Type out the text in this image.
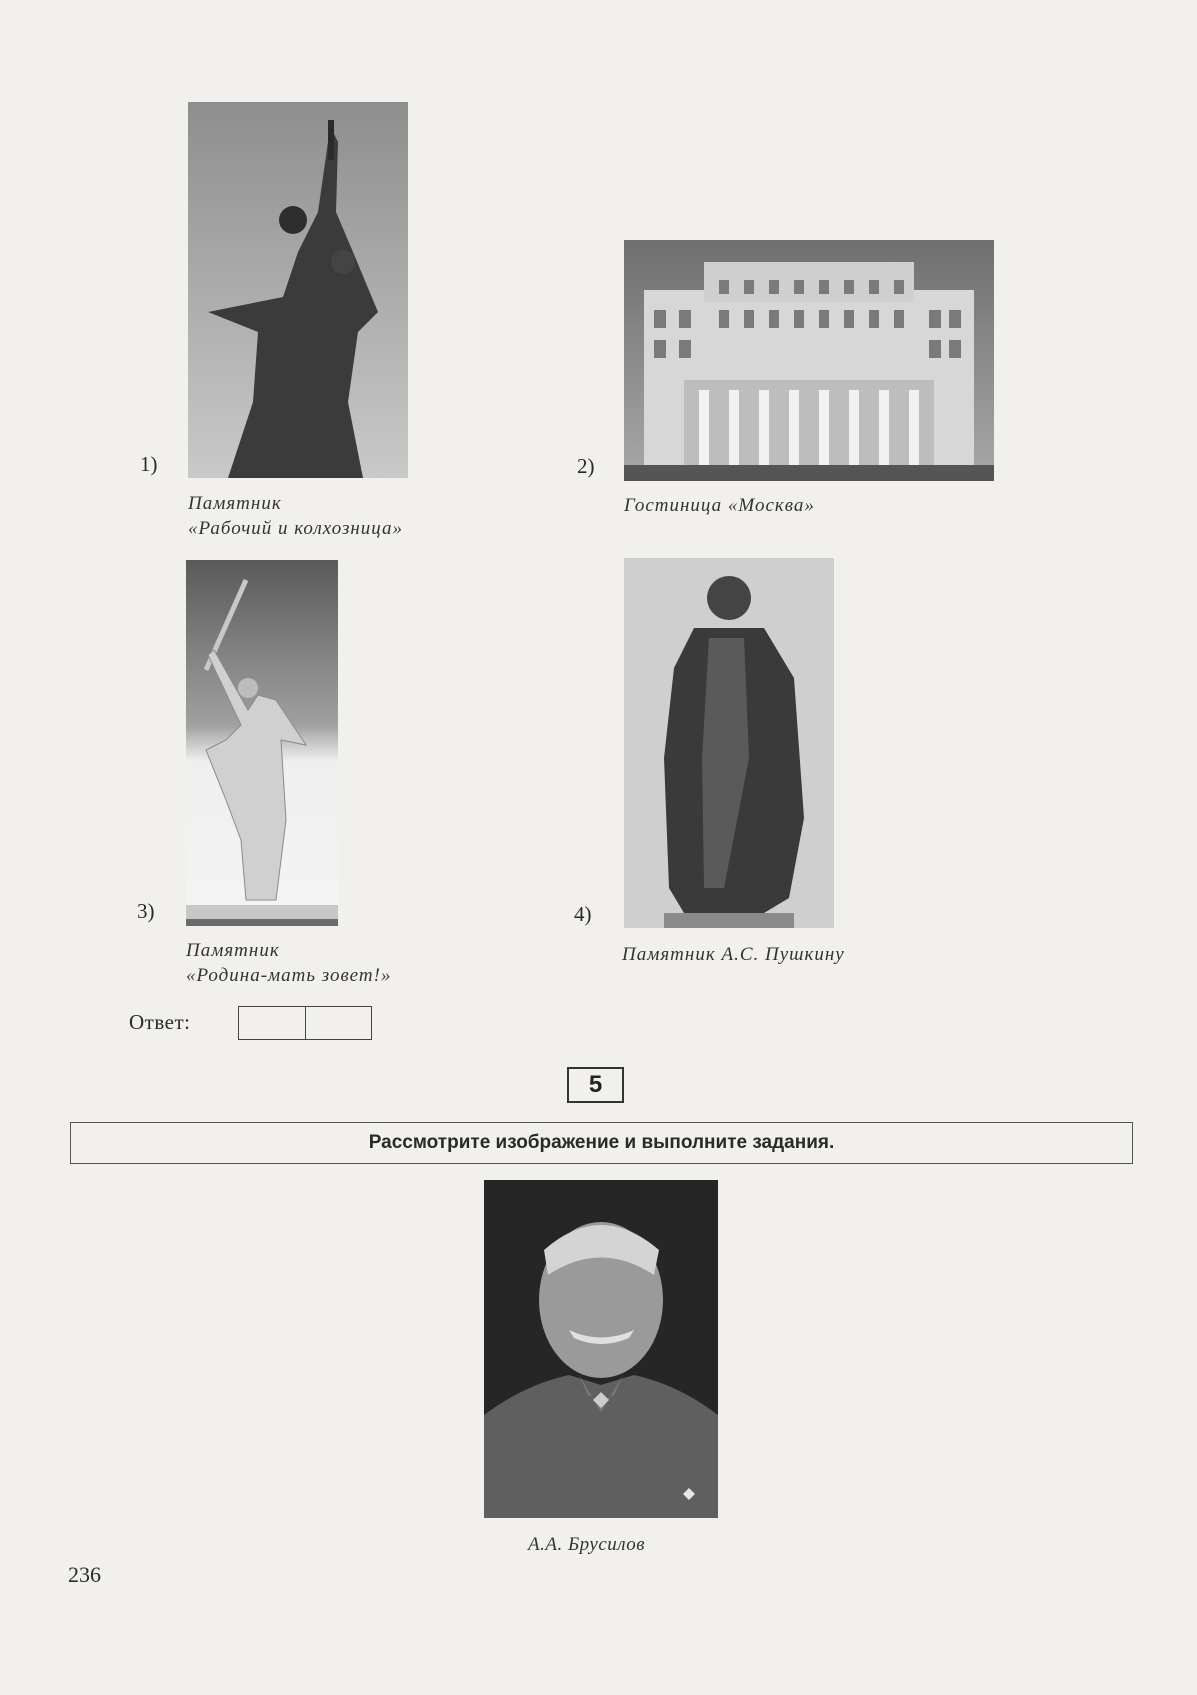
1)
Памятник
«Рабочий и колхозница»
2)
Гостиница «Москва»
3)
Памятник
«Родина-мать зовет!»
4)
Памятник А.С. Пушкину
Ответ:
5
Рассмотрите изображение и выполните задания.
А.А. Брусилов
236
